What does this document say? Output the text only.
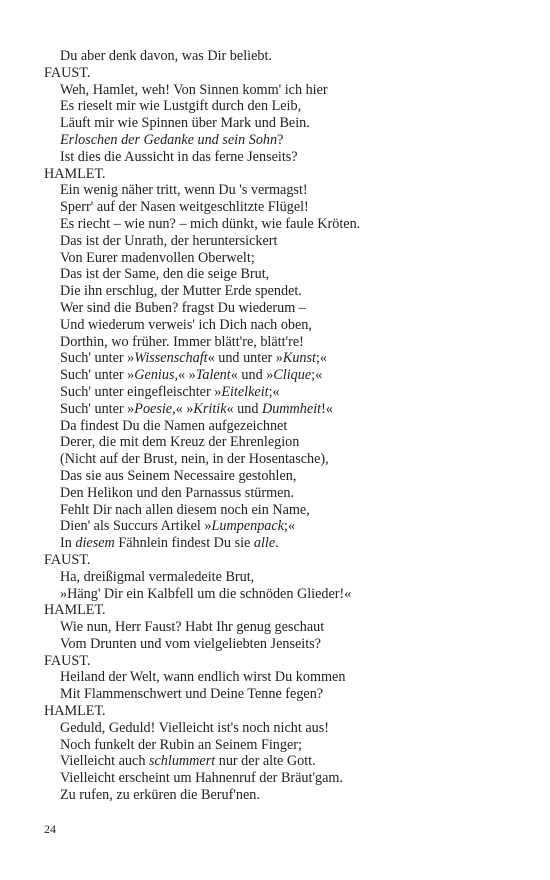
Du aber denk davon, was Dir beliebt.
FAUST.
Weh, Hamlet, weh! Von Sinnen komm' ich hier
Es rieselt mir wie Lustgift durch den Leib,
Läuft mir wie Spinnen über Mark und Bein.
Erloschen der Gedanke und sein Sohn?
Ist dies die Aussicht in das ferne Jenseits?
HAMLET.
Ein wenig näher tritt, wenn Du 's vermagst!
Sperr' auf der Nasen weitgeschlitzte Flügel!
Es riecht – wie nun? – mich dünkt, wie faule Kröten.
Das ist der Unrath, der heruntersickert
Von Eurer madenvollen Oberwelt;
Das ist der Same, den die seige Brut,
Die ihn erschlug, der Mutter Erde spendet.
Wer sind die Buben? fragst Du wiederum –
Und wiederum verweis' ich Dich nach oben,
Dorthin, wo früher. Immer blätt're, blätt're!
Such' unter »Wissenschaft« und unter »Kunst;«
Such' unter »Genius,« »Talent« und »Clique;«
Such' unter eingefleischter »Eitelkeit;«
Such' unter »Poesie,« »Kritik« und Dummheit!«
Da findest Du die Namen aufgezeichnet
Derer, die mit dem Kreuz der Ehrenlegion
(Nicht auf der Brust, nein, in der Hosentasche),
Das sie aus Seinem Necessaire gestohlen,
Den Helikon und den Parnassus stürmen.
Fehlt Dir nach allen diesem noch ein Name,
Dien' als Succurs Artikel »Lumpenpack;«
In diesem Fähnlein findest Du sie alle.
FAUST.
Ha, dreißigmal vermaledeite Brut,
»Häng' Dir ein Kalbfell um die schnöden Glieder!«
HAMLET.
Wie nun, Herr Faust? Habt Ihr genug geschaut
Vom Drunten und vom vielgeliebten Jenseits?
FAUST.
Heiland der Welt, wann endlich wirst Du kommen
Mit Flammenschwert und Deine Tenne fegen?
HAMLET.
Geduld, Geduld! Vielleicht ist's noch nicht aus!
Noch funkelt der Rubin an Seinem Finger;
Vielleicht auch schlummert nur der alte Gott.
Vielleicht erscheint um Hahnenruf der Bräut'gam.
Zu rufen, zu erküren die Beruf'nen.
24
